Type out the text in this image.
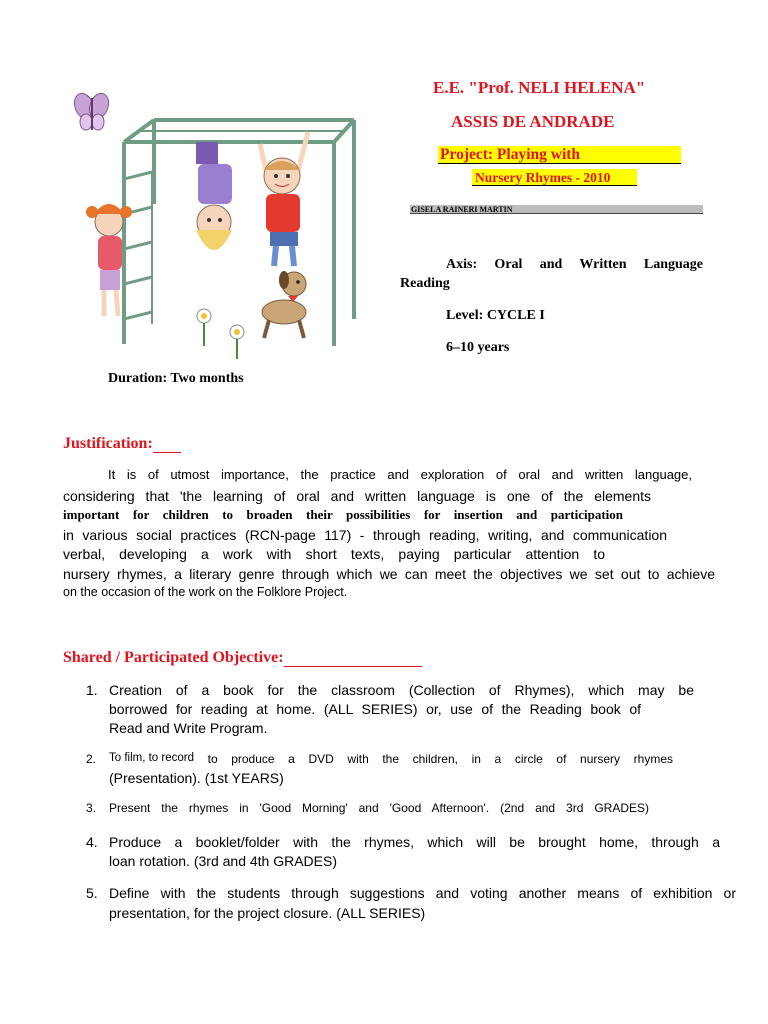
E.E. "Prof. NELI HELENA"
ASSIS DE ANDRADE
Project: Playing with
Nursery Rhymes - 2010
GISELA RAINERI MARTIN
Axis: Oral and Written Language
Reading
Level: CYCLE I
6–10 years
Duration: Two months
Justification:
It is of utmost importance, the practice and exploration of oral and written language,
considering that 'the learning of oral and written language is one of the elements
important for children to broaden their possibilities for insertion and participation
in various social practices (RCN-page 117) - through reading, writing, and communication
verbal, developing a work with short texts, paying particular attention to
nursery rhymes, a literary genre through which we can meet the objectives we set out to achieve
on the occasion of the work on the Folklore Project.
Shared / Participated Objective:
1. Creation of a book for the classroom (Collection of Rhymes), which may be
borrowed for reading at home. (ALL SERIES) or, use of the Reading book of
Read and Write Program.
2. To film, to record to produce a DVD with the children, in a circle of nursery rhymes
(Presentation). (1st YEARS)
3. Present the rhymes in 'Good Morning' and 'Good Afternoon'. (2nd and 3rd GRADES)
4. Produce a booklet/folder with the rhymes, which will be brought home, through a
loan rotation. (3rd and 4th GRADES)
5. Define with the students through suggestions and voting another means of exhibition or
presentation, for the project closure. (ALL SERIES)
